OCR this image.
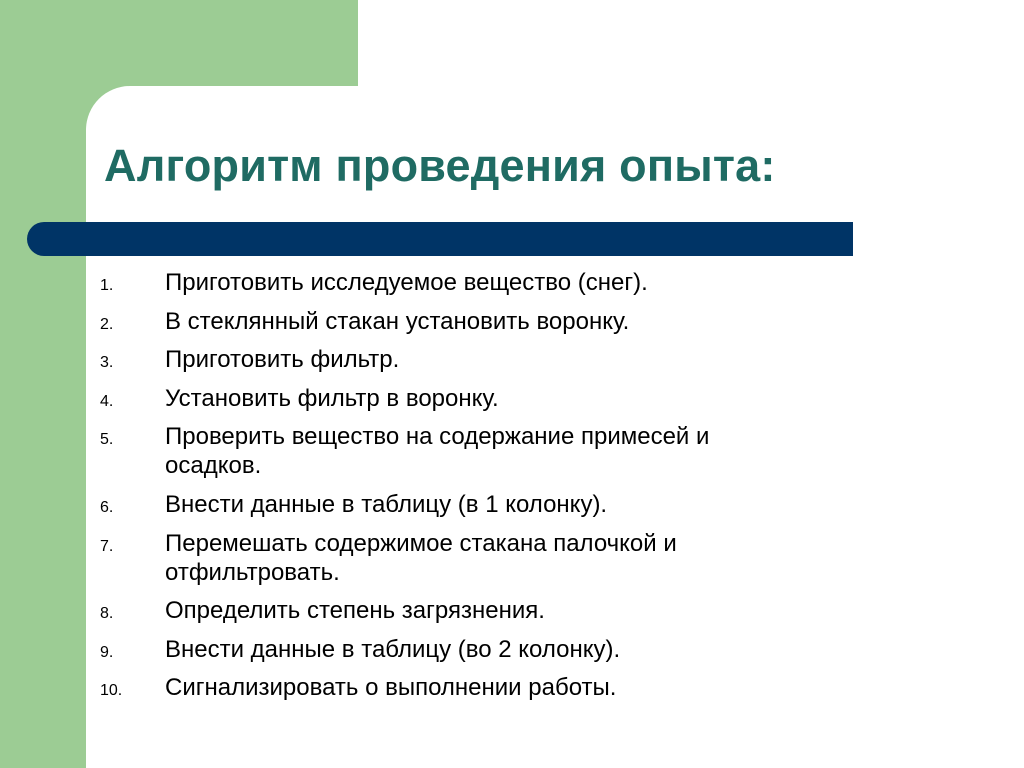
Алгоритм проведения опыта:
1.	Приготовить исследуемое вещество (снег).
2.	В стеклянный стакан установить воронку.
3.	Приготовить фильтр.
4.	Установить фильтр в воронку.
5.	Проверить вещество на содержание примесей и осадков.
6.	Внести данные в таблицу (в 1 колонку).
7.	Перемешать содержимое стакана палочкой и отфильтровать.
8.	Определить степень загрязнения.
9.	Внести данные в таблицу (во 2 колонку).
10.	Сигнализировать о выполнении работы.
